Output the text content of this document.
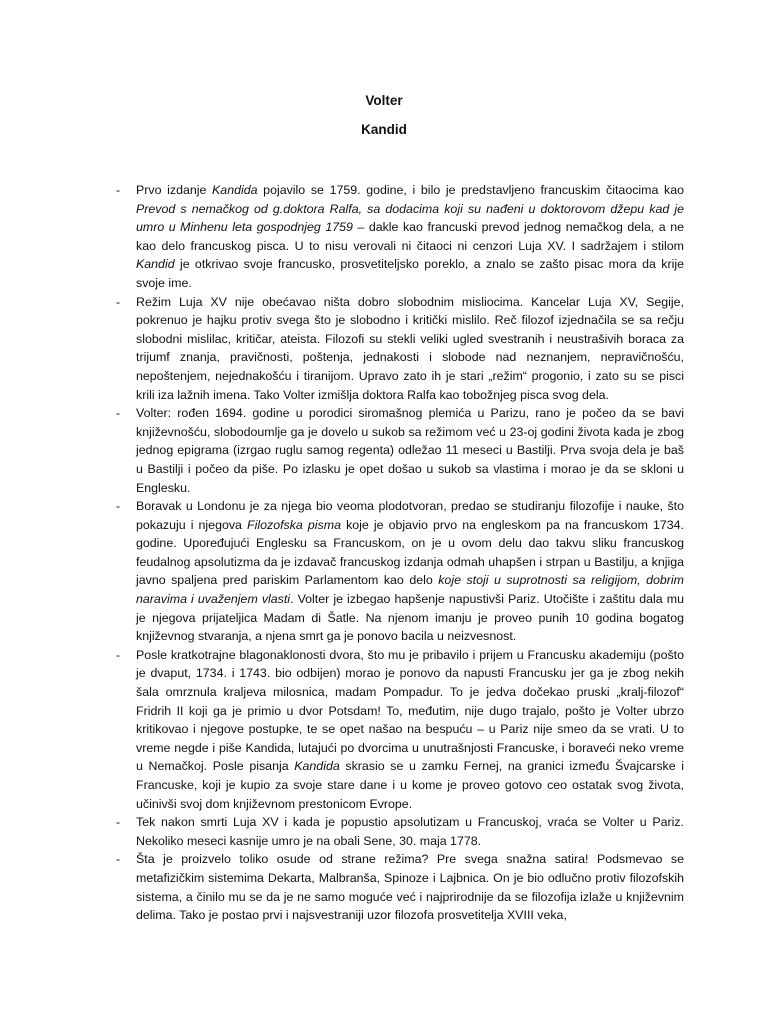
Volter
Kandid
- Prvo izdanje Kandida pojavilo se 1759. godine, i bilo je predstavljeno francuskim čitaocima kao Prevod s nemačkog od g.doktora Ralfa, sa dodacima koji su nađeni u doktorovom džepu kad je umro u Minhenu leta gospodnjeg 1759 – dakle kao francuski prevod jednog nemačkog dela, a ne kao delo francuskog pisca. U to nisu verovali ni čitaoci ni cenzori Luja XV. I sadržajem i stilom Kandid je otkrivao svoje francusko, prosvetiteljsko poreklo, a znalo se zašto pisac mora da krije svoje ime.
- Režim Luja XV nije obećavao ništa dobro slobodnim misliocima. Kancelar Luja XV, Segije, pokrenuo je hajku protiv svega što je slobodno i kritički mislilo. Reč filozof izjednačila se sa rečju slobodni mislilac, kritičar, ateista. Filozofi su stekli veliki ugled svestranih i neustrašivih boraca za trijumf znanja, pravičnosti, poštenja, jednakosti i slobode nad neznanjem, nepravičnošću, nepoštenjem, nejednakošću i tiranijom. Upravo zato ih je stari „režim“ progonio, i zato su se pisci krili iza lažnih imena. Tako Volter izmišlja doktora Ralfa kao tobožnjeg pisca svog dela.
- Volter: rođen 1694. godine u porodici siromašnog plemića u Parizu, rano je počeo da se bavi književnošću, slobodoumlje ga je dovelo u sukob sa režimom već u 23-oj godini života kada je zbog jednog epigrama (izrgao ruglu samog regenta) odležao 11 meseci u Bastilji. Prva svoja dela je baš u Bastilji i počeo da piše. Po izlasku je opet došao u sukob sa vlastima i morao je da se skloni u Englesku.
- Boravak u Londonu je za njega bio veoma plodotvoran, predao se studiranju filozofije i nauke, što pokazuju i njegova Filozofska pisma koje je objavio prvo na engleskom pa na francuskom 1734. godine. Upoređujući Englesku sa Francuskom, on je u ovom delu dao takvu sliku francuskog feudalnog apsolutizma da je izdavač francuskog izdanja odmah uhapšen i strpan u Bastilju, a knjiga javno spaljena pred pariskim Parlamentom kao delo koje stoji u suprotnosti sa religijom, dobrim naravima i uvaženjem vlasti. Volter je izbegao hapšenje napustivši Pariz. Utočište i zaštitu dala mu je njegova prijateljica Madam di Šatle. Na njenom imanju je proveo punih 10 godina bogatog književnog stvaranja, a njena smrt ga je ponovo bacila u neizvesnost.
- Posle kratkotrajne blagonaklonosti dvora, što mu je pribavilo i prijem u Francusku akademiju (pošto je dvaput, 1734. i 1743. bio odbijen) morao je ponovo da napusti Francusku jer ga je zbog nekih šala omrznula kraljeva milosnica, madam Pompadur. To je jedva dočekao pruski „kralj-filozof“ Fridrih II koji ga je primio u dvor Potsdam! To, međutim, nije dugo trajalo, pošto je Volter ubrzo kritikovao i njegove postupke, te se opet našao na bespuću – u Pariz nije smeo da se vrati. U to vreme negde i piše Kandida, lutajući po dvorcima u unutrašnjosti Francuske, i boraveći neko vreme u Nemačkoj. Posle pisanja Kandida skrasio se u zamku Fernej, na granici između Švajcarske i Francuske, koji je kupio za svoje stare dane i u kome je proveo gotovo ceo ostatak svog života, učinivši svoj dom književnom prestonicom Evrope.
- Tek nakon smrti Luja XV i kada je popustio apsolutizam u Francuskoj, vraća se Volter u Pariz. Nekoliko meseci kasnije umro je na obali Sene, 30. maja 1778.
- Šta je proizvelo toliko osude od strane režima? Pre svega snažna satira! Podsmevao se metafizičkim sistemima Dekarta, Malbranša, Spinoze i Lajbnica. On je bio odlučno protiv filozofskih sistema, a činilo mu se da je ne samo moguće već i najprirodnije da se filozofija izlaže u književnim delima. Tako je postao prvi i najsvestraniji uzor filozofa prosvetitelja XVIII veka,
